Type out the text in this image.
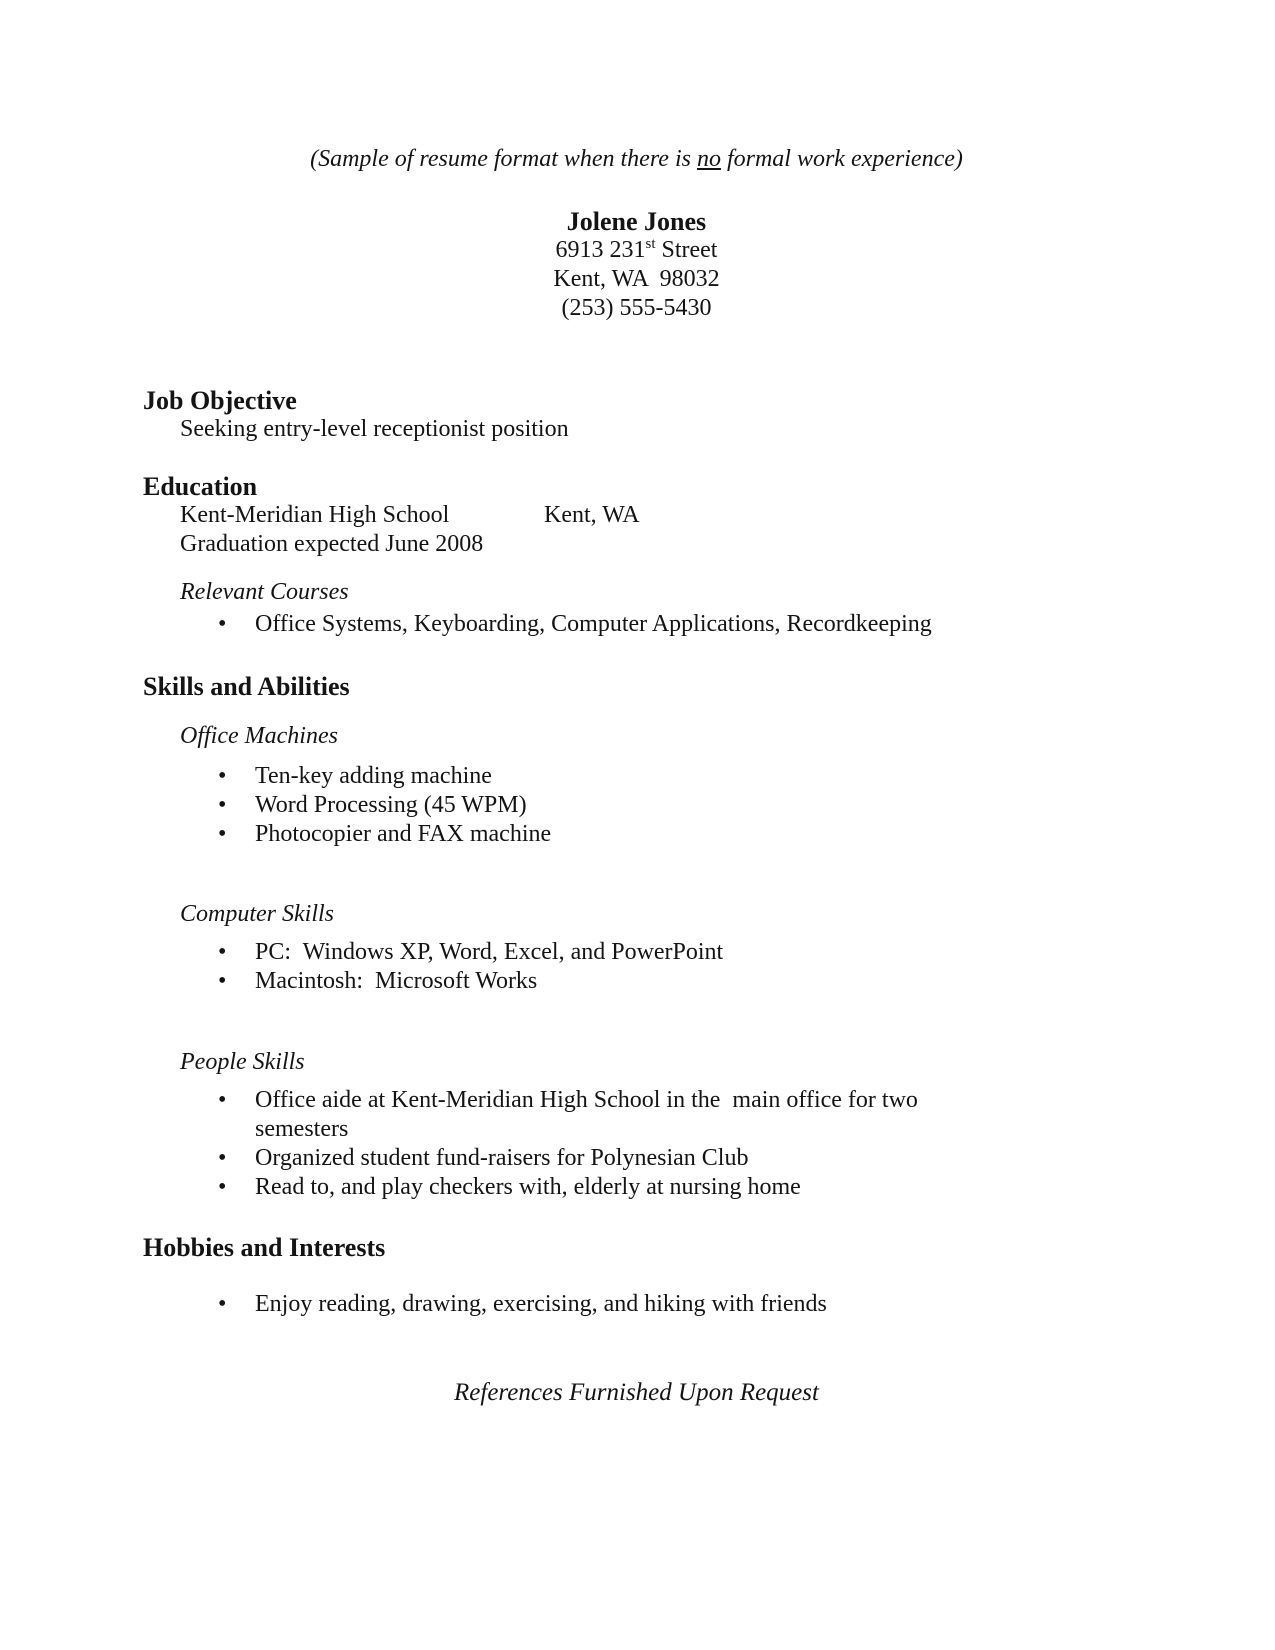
(Sample of resume format when there is no formal work experience)
Jolene Jones
6913 231st Street
Kent, WA  98032
(253) 555-5430
Job Objective
Seeking entry-level receptionist position
Education
Kent-Meridian High School	Kent, WA
Graduation expected June 2008
Relevant Courses
• Office Systems, Keyboarding, Computer Applications, Recordkeeping
Skills and Abilities
Office Machines
• Ten-key adding machine
• Word Processing (45 WPM)
• Photocopier and FAX machine
Computer Skills
• PC:  Windows XP, Word, Excel, and PowerPoint
• Macintosh:  Microsoft Works
People Skills
• Office aide at Kent-Meridian High School in the  main office for two semesters
• Organized student fund-raisers for Polynesian Club
• Read to, and play checkers with, elderly at nursing home
Hobbies and Interests
• Enjoy reading, drawing, exercising, and hiking with friends
References Furnished Upon Request
